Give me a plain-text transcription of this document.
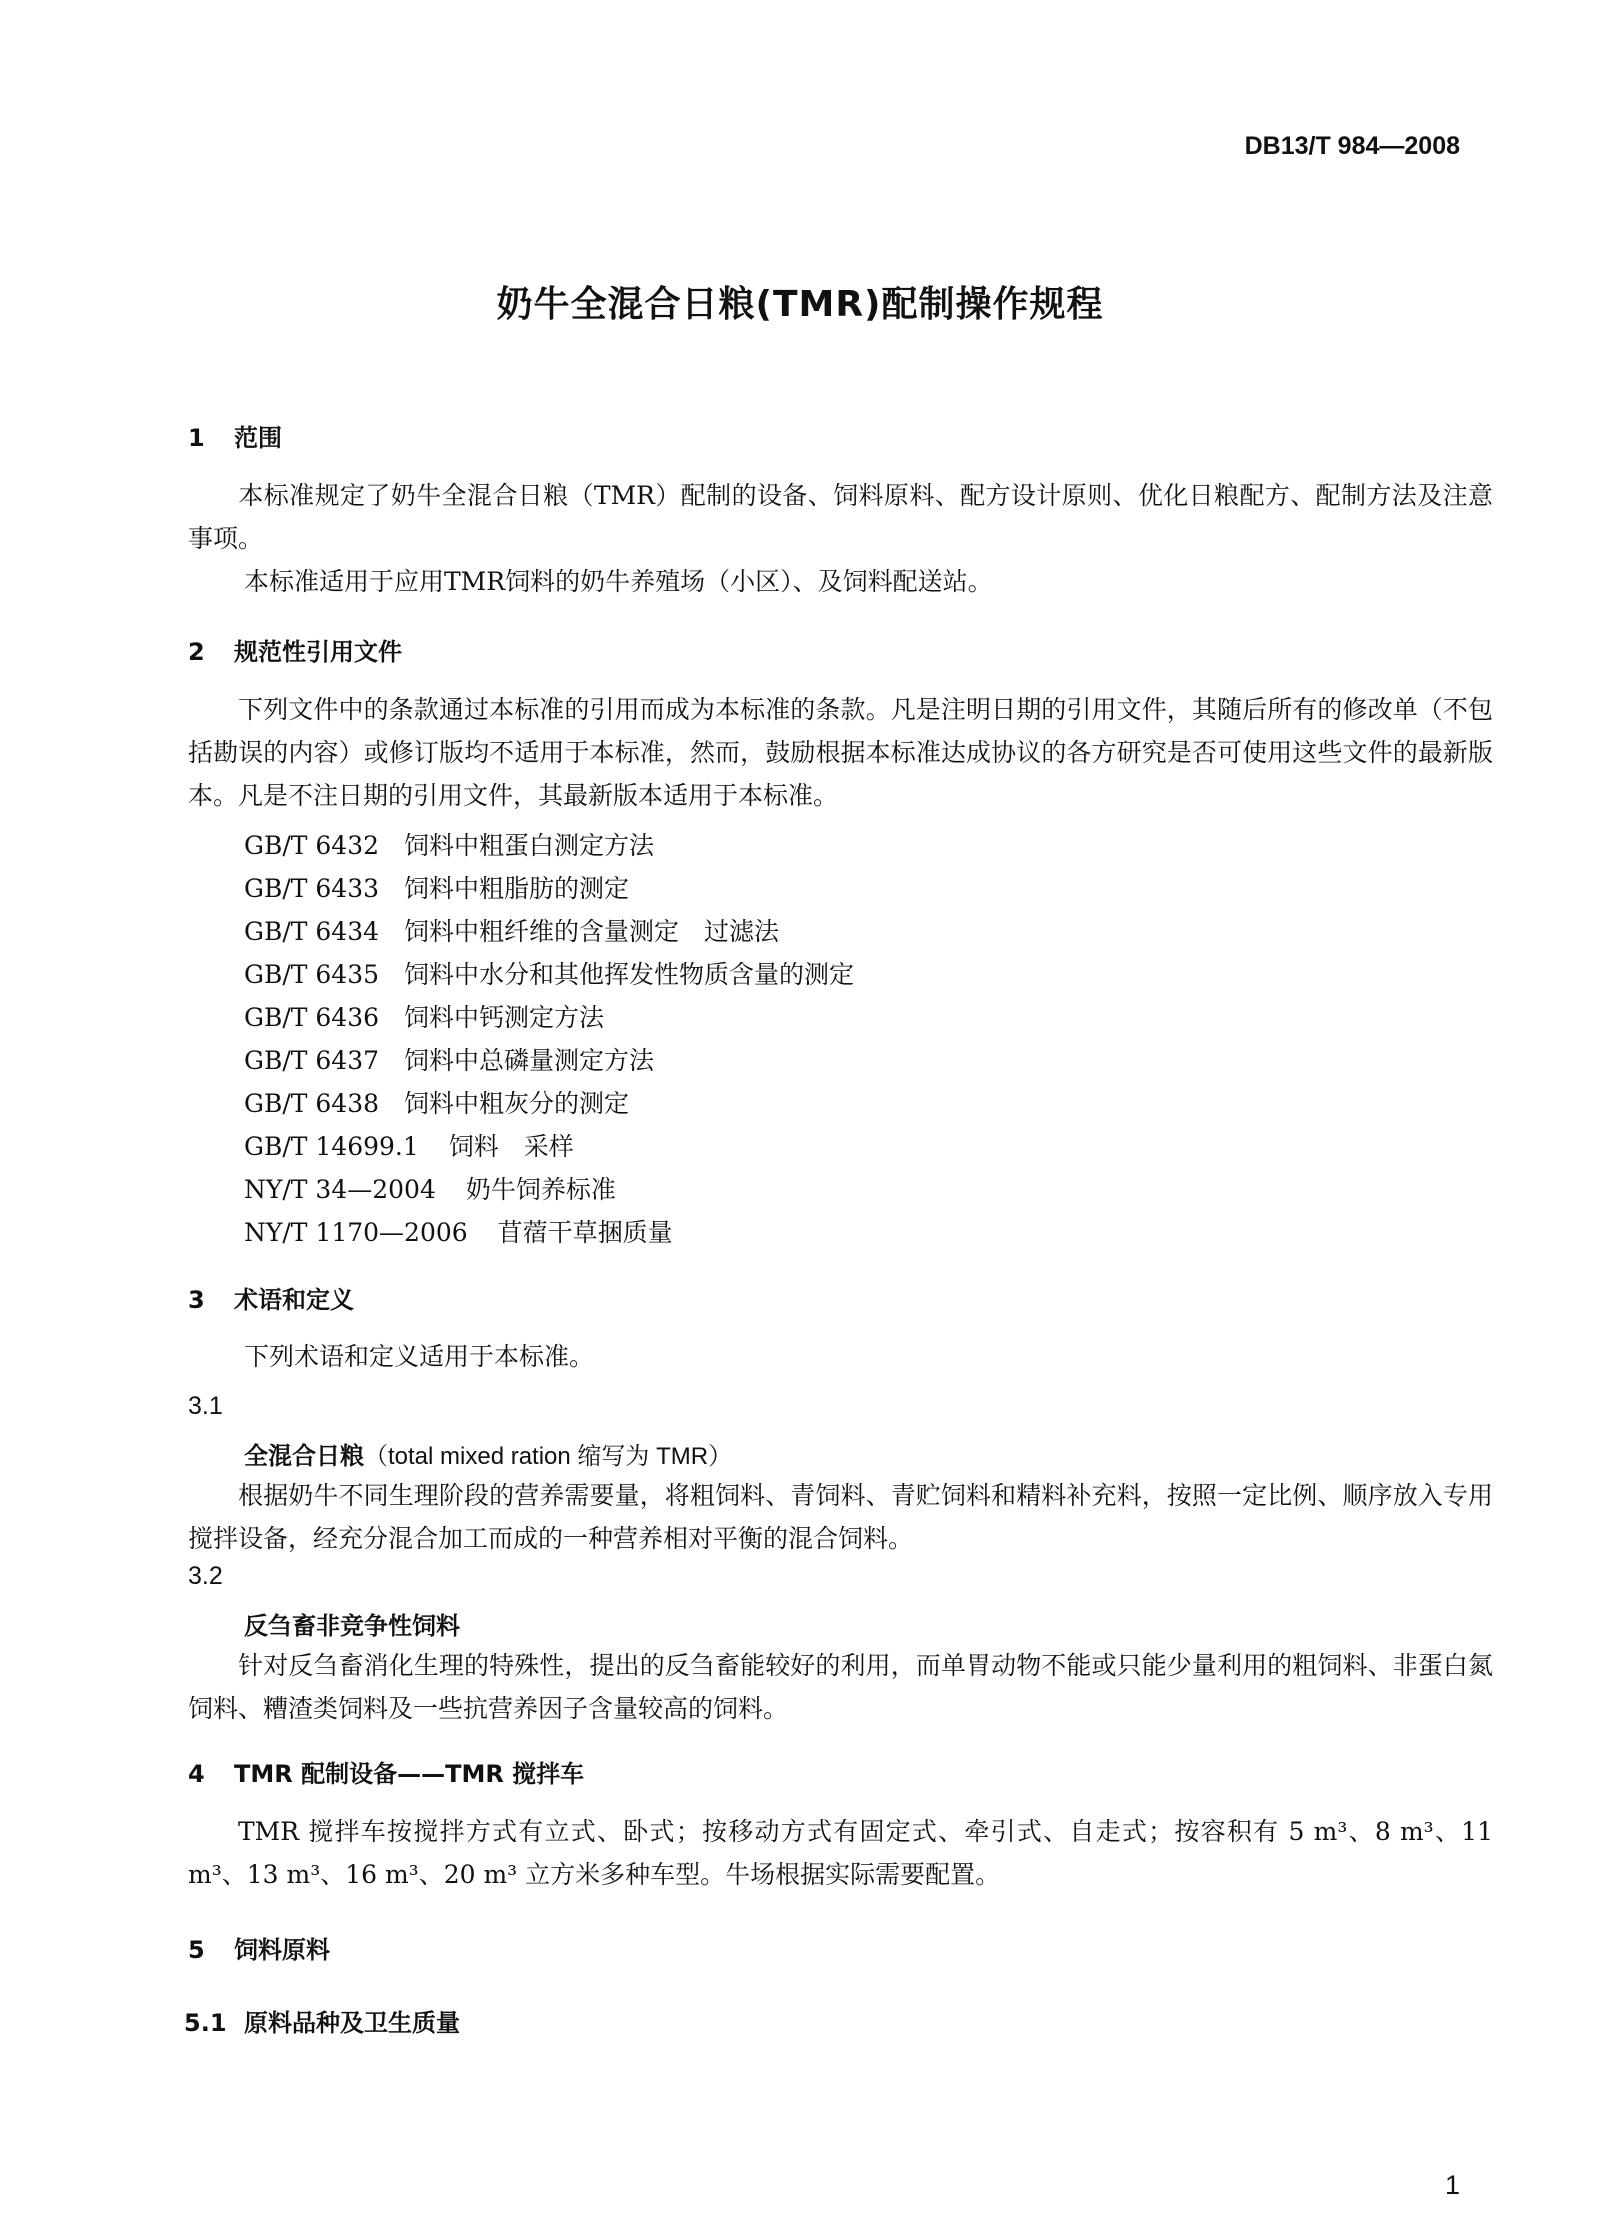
DB13/T 984—2008
奶牛全混合日粮(TMR)配制操作规程
1 范围
本标准规定了奶牛全混合日粮（TMR）配制的设备、饲料原料、配方设计原则、优化日粮配方、配制方法及注意事项。
本标准适用于应用TMR饲料的奶牛养殖场（小区）、及饲料配送站。
2 规范性引用文件
下列文件中的条款通过本标准的引用而成为本标准的条款。凡是注明日期的引用文件，其随后所有的修改单（不包括勘误的内容）或修订版均不适用于本标准，然而，鼓励根据本标准达成协议的各方研究是否可使用这些文件的最新版本。凡是不注日期的引用文件，其最新版本适用于本标准。
GB/T 6432 饲料中粗蛋白测定方法
GB/T 6433 饲料中粗脂肪的测定
GB/T 6434 饲料中粗纤维的含量测定　过滤法
GB/T 6435 饲料中水分和其他挥发性物质含量的测定
GB/T 6436 饲料中钙测定方法
GB/T 6437 饲料中总磷量测定方法
GB/T 6438 饲料中粗灰分的测定
GB/T 14699.1 饲料　采样
NY/T 34—2004 奶牛饲养标准
NY/T 1170—2006 苜蓿干草捆质量
3 术语和定义
下列术语和定义适用于本标准。
3.1
全混合日粮（total mixed ration 缩写为 TMR）
根据奶牛不同生理阶段的营养需要量，将粗饲料、青饲料、青贮饲料和精料补充料，按照一定比例、顺序放入专用搅拌设备，经充分混合加工而成的一种营养相对平衡的混合饲料。
3.2
反刍畜非竞争性饲料
针对反刍畜消化生理的特殊性，提出的反刍畜能较好的利用，而单胃动物不能或只能少量利用的粗饲料、非蛋白氮饲料、糟渣类饲料及一些抗营养因子含量较高的饲料。
4 TMR 配制设备——TMR 搅拌车
TMR 搅拌车按搅拌方式有立式、卧式；按移动方式有固定式、牵引式、自走式；按容积有 5 m³、8 m³、11 m³、13 m³、16 m³、20 m³ 立方米多种车型。牛场根据实际需要配置。
5 饲料原料
5.1 原料品种及卫生质量
1
